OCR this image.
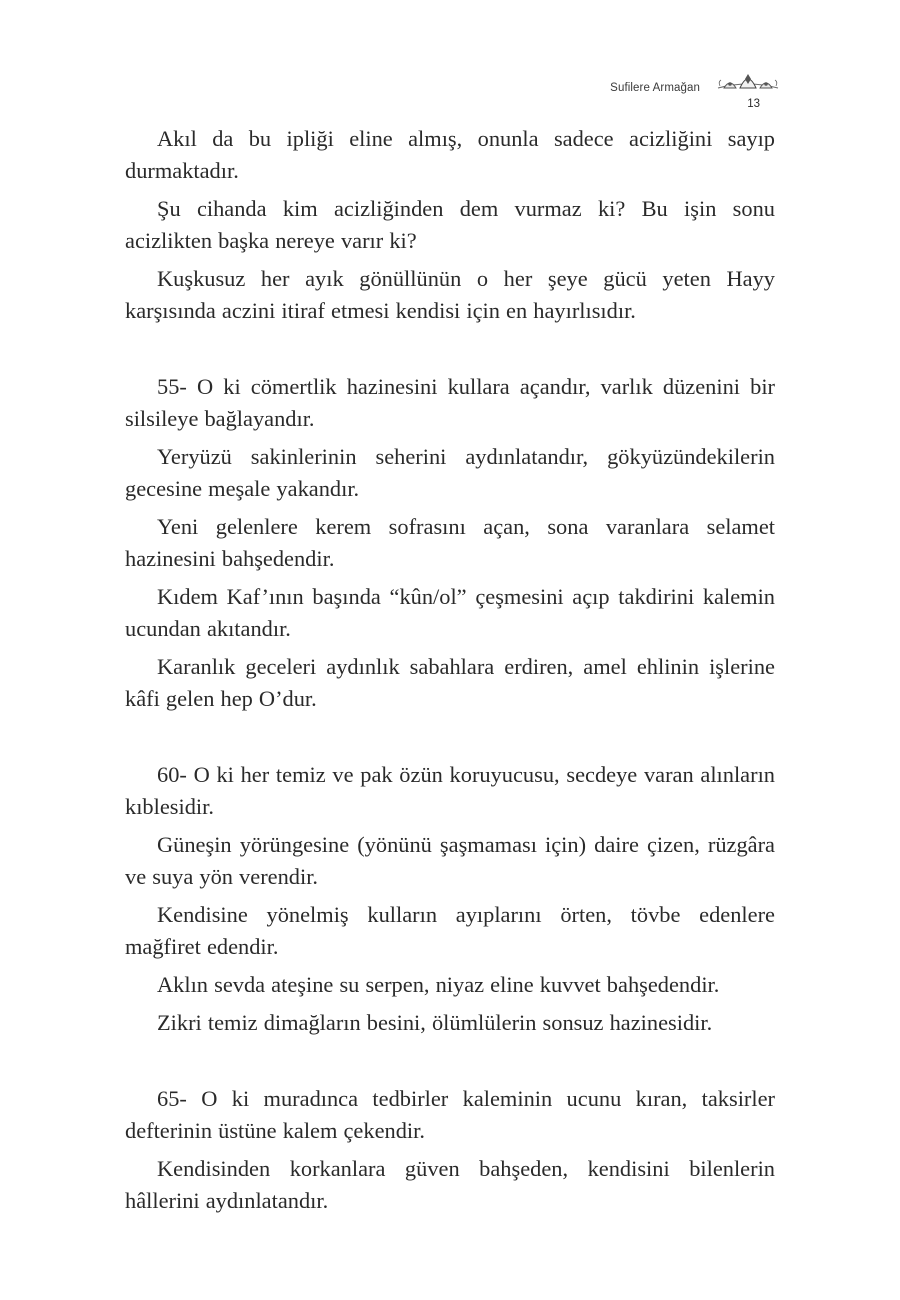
Sufilere Armağan
13

Akıl da bu ipliği eline almış, onunla sadece acizliğini sayıp durmaktadır.

Şu cihanda kim acizliğinden dem vurmaz ki? Bu işin sonu acizlikten başka nereye varır ki?

Kuşkusuz her ayık gönüllünün o her şeye gücü yeten Hayy karşısında aczini itiraf etmesi kendisi için en hayırlısıdır.

55- O ki cömertlik hazinesini kullara açandır, varlık düzenini bir silsileye bağlayandır.

Yeryüzü sakinlerinin seherini aydınlatandır, gökyüzündekilerin gecesine meşale yakandır.

Yeni gelenlere kerem sofrasını açan, sona varanlara selamet hazinesini bahşedendir.

Kıdem Kaf’ının başında “kûn/ol” çeşmesini açıp takdirini kalemin ucundan akıtandır.

Karanlık geceleri aydınlık sabahlara erdiren, amel ehlinin işlerine kâfi gelen hep O’dur.

60- O ki her temiz ve pak özün koruyucusu, secdeye varan alınların kıblesidir.

Güneşin yörüngesine (yönünü şaşmaması için) daire çizen, rüzgâra ve suya yön verendir.

Kendisine yönelmiş kulların ayıplarını örten, tövbe edenlere mağfiret edendir.

Aklın sevda ateşine su serpen, niyaz eline kuvvet bahşedendir.

Zikri temiz dimağların besini, ölümlülerin sonsuz hazinesidir.

65- O ki muradınca tedbirler kaleminin ucunu kıran, taksirler defterinin üstüne kalem çekendir.

Kendisinden korkanlara güven bahşeden, kendisini bilenlerin hâllerini aydınlatandır.
